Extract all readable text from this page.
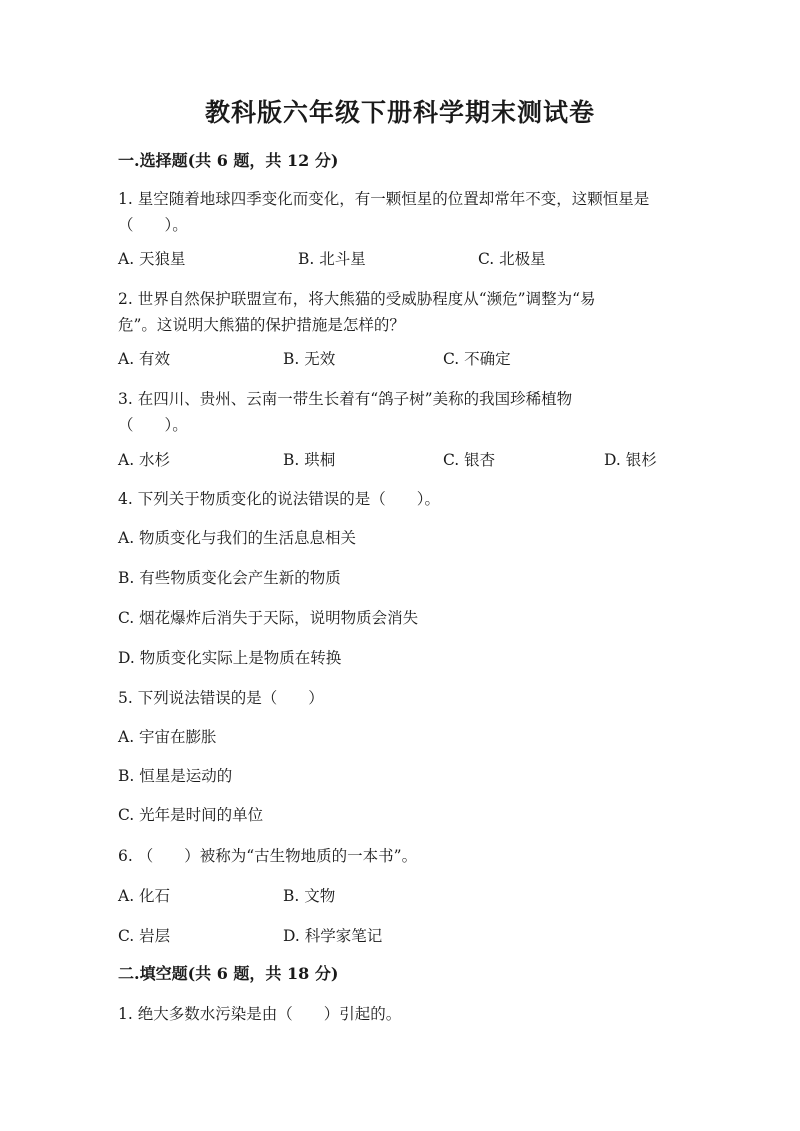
教科版六年级下册科学期末测试卷
一.选择题(共 6 题，共 12 分)
1. 星空随着地球四季变化而变化，有一颗恒星的位置却常年不变，这颗恒星是
（　　）。
A. 天狼星	B. 北斗星	C. 北极星
2. 世界自然保护联盟宣布，将大熊猫的受威胁程度从“濒危”调整为“易
危”。这说明大熊猫的保护措施是怎样的？
A. 有效	B. 无效	C. 不确定
3. 在四川、贵州、云南一带生长着有“鸽子树”美称的我国珍稀植物
（　　）。
A. 水杉	B. 珙桐	C. 银杏	D. 银杉
4. 下列关于物质变化的说法错误的是（　　）。
A. 物质变化与我们的生活息息相关
B. 有些物质变化会产生新的物质
C. 烟花爆炸后消失于天际，说明物质会消失
D. 物质变化实际上是物质在转换
5. 下列说法错误的是（　　）
A. 宇宙在膨胀
B. 恒星是运动的
C. 光年是时间的单位
6. （　　）被称为“古生物地质的一本书”。
A. 化石	B. 文物
C. 岩层	D. 科学家笔记
二.填空题(共 6 题，共 18 分)
1. 绝大多数水污染是由（　　）引起的。
